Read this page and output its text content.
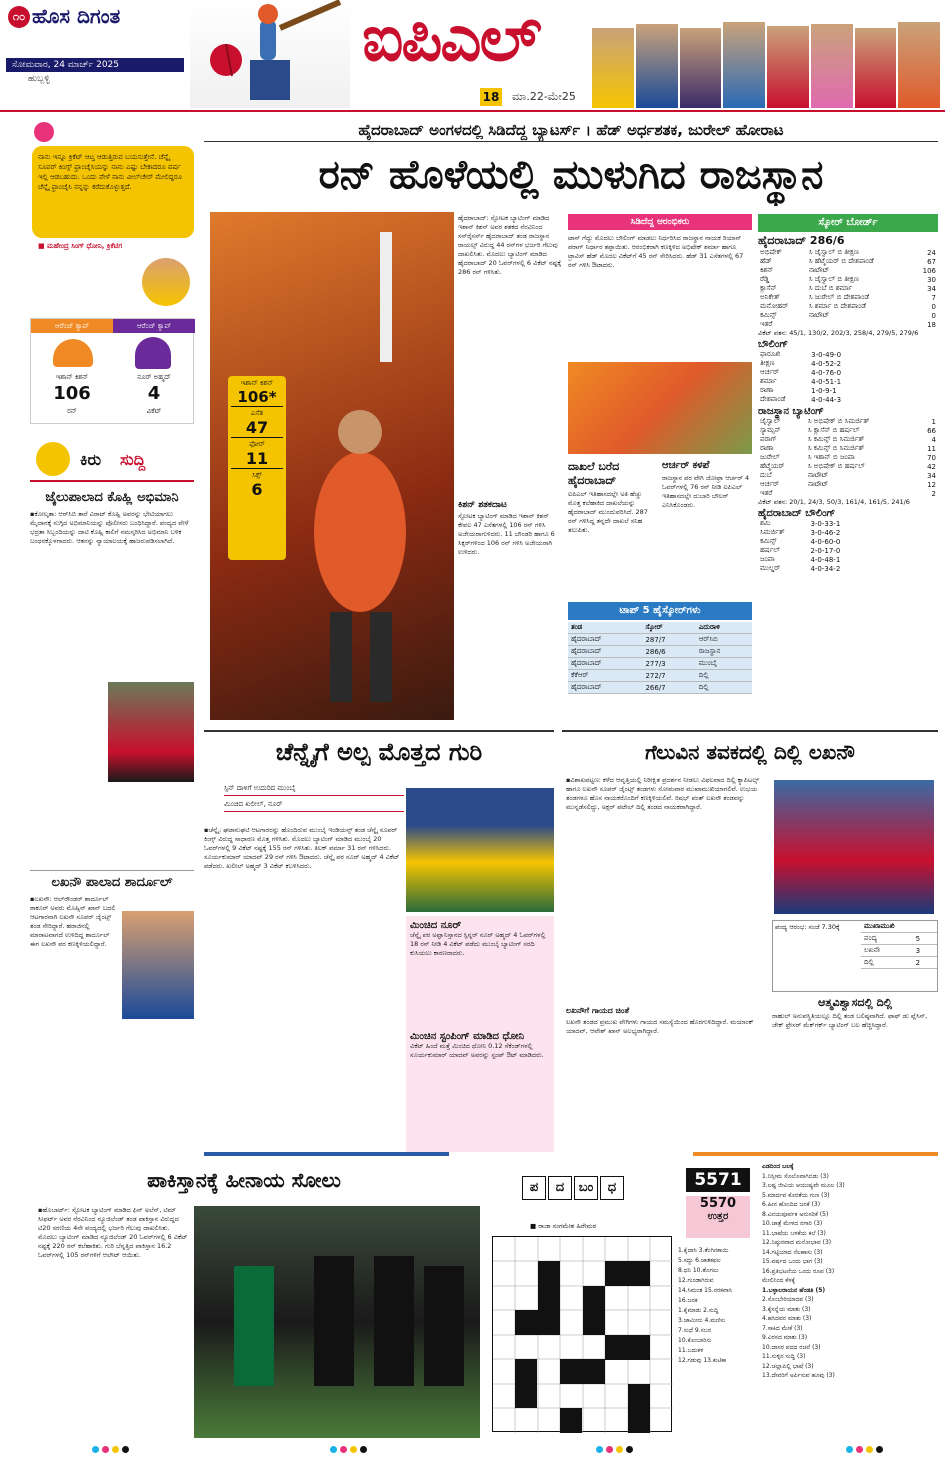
೧೦ ಹೊಸ ದಿಗಂತ
ಸೋಮವಾರ, 24 ಮಾರ್ಚ್ 2025
ಹುಬ್ಬಳ್ಳಿ
ಐಪಿಎಲ್
18 ಮಾ.22-ಮೇ25
ನಾನು ಇನ್ನೂ ಕ್ರಿಕೆಟ್ ಆಟ್ತ ಆಡುತ್ತಿರುವ ಬಯಸುತ್ತೇನೆ. ಚೆನ್ನೈ ಸೂಪರ್ ಕಿಂಗ್ಸ್ ಫ್ರಾಂಚೈಸಿಯನ್ನು ನಾನು ಎಷ್ಟು ಬೇಕಾದರೂ ವರ್ಷ ಇಲ್ಲಿ ಆಡಬಹುದು. ಒಂದು ವೇಳೆ ನಾನು ವೀಲ್‌ಚೇರ್ ಮೇಲಿದ್ದರೂ ಚೆನ್ನೈ ಫ್ರಾಂಚೈಸಿ ನನ್ನನ್ನು ಕರೆದುಕೊಳ್ಳುತ್ತದೆ.
■ ಮಹೇಂದ್ರ ಸಿಂಗ್ ಧೋನಿ, ಕ್ರಿಕೆಟಿಗ
ಆರೆಂಜ್ ಕ್ಯಾಪ್	ಆರೆಂಜ್ ಕ್ಯಾಪ್
ಇಶಾನ್ ಕಿಶನ್	ನೂರ್ ಅಹ್ಮದ್
106	4
ರನ್	ವಿಕೆಟ್
ಕಿರು ಸುದ್ದಿ
ಜೈಲುಪಾಲಾದ ಕೊಹ್ಲಿ ಅಭಿಮಾನಿ
▪ಕೋಲ್ಕತಾ: ಆರ್‌ಸಿಬಿ ತಾರೆ ವಿರಾಟ್ ಕೊಹ್ಲಿ ಅವರನ್ನು ಭೇಟಿಯಾಗಲು ಮೈದಾನಕ್ಕೆ ನುಗ್ಗಿದ ಅಭಿಮಾನಿಯನ್ನು ಪೊಲೀಸರು ಬಂಧಿಸಿದ್ದಾರೆ. ಪಂದ್ಯದ ವೇಳೆ ಭದ್ರತಾ ಸಿಬ್ಬಂದಿಯನ್ನು ದಾಟಿ ಕೊಹ್ಲಿ ಕಾಲಿಗೆ ನಮಸ್ಕರಿಸಿದ ಅಭಿಮಾನಿ ಬಳಿಕ ಬಂಧನಕ್ಕೊಳಗಾದರು. ಆತನನ್ನು ನ್ಯಾಯಾಲಯಕ್ಕೆ ಹಾಜರುಪಡಿಸಲಾಗಿದೆ.
ಲಖನೌ ಪಾಲಾದ ಶಾರ್ದೂಲ್
▪ಲಖನೌ: ಆಲ್‌ರೌಂಡರ್ ಶಾರ್ದೂಲ್ ಠಾಕೂರ್ ಅವರು ಮೊಹ್ಸಿನ್ ಖಾನ್ ಬದಲಿ ಆಟಗಾರನಾಗಿ ಲಖನೌ ಸೂಪರ್ ಜೈಂಟ್ಸ್ ತಂಡ ಸೇರಿದ್ದಾರೆ. ಹರಾಜಿನಲ್ಲಿ ಮಾರಾಟವಾಗದೆ ಉಳಿದಿದ್ದ ಶಾರ್ದೂಲ್ ಈಗ ಲಖನೌ ಪರ ಕಣಕ್ಕಿಳಿಯಲಿದ್ದಾರೆ.
ಹೈದರಾಬಾದ್ ಅಂಗಳದಲ್ಲಿ ಸಿಡಿದೆದ್ದ ಬ್ಯಾಟರ್ಸ್ । ಹೆಡ್ ಅರ್ಧಶತಕ, ಜುರೇಲ್ ಹೋರಾಟ
ರನ್ ಹೊಳೆಯಲ್ಲಿ ಮುಳುಗಿದ ರಾಜಸ್ಥಾನ
ಇಶಾನ್ ಕಿಶನ್
106*
ಎಸೆತ
47
ಫೋರ್
11
ಸಿಕ್ಸ್
6
ಹೈದರಾಬಾದ್: ಸ್ಫೋಟಕ ಬ್ಯಾಟಿಂಗ್ ಮಾಡಿದ ಇಶಾನ್ ಕಿಶನ್ ಅವರ ಶತಕದ ನೆರವಿನಿಂದ ಸನ್‌ರೈಸರ್ಸ್ ಹೈದರಾಬಾದ್ ತಂಡ ರಾಜಸ್ಥಾನ ರಾಯಲ್ಸ್ ವಿರುದ್ಧ 44 ರನ್‌ಗಳ ಭರ್ಜರಿ ಗೆಲುವು ದಾಖಲಿಸಿತು. ಮೊದಲು ಬ್ಯಾಟಿಂಗ್ ಮಾಡಿದ ಹೈದರಾಬಾದ್ 20 ಓವರ್‌ಗಳಲ್ಲಿ 6 ವಿಕೆಟ್ ನಷ್ಟಕ್ಕೆ 286 ರನ್ ಗಳಿಸಿತು.
ಕಿಶನ್ ಶತಕದಾಟ
ಸ್ಫೋಟಕ ಬ್ಯಾಟಿಂಗ್ ಮಾಡಿದ ಇಶಾನ್ ಕಿಶನ್ ಕೇವಲ 47 ಎಸೆತಗಳಲ್ಲಿ 106 ರನ್ ಗಳಿಸಿ ಅಜೇಯರಾಗುಳಿದರು. 11 ಬೌಂಡರಿ ಹಾಗೂ 6 ಸಿಕ್ಸರ್‌ಗಳಿಂದ 106 ರನ್ ಗಳಿಸಿ ಅಜೇಯರಾಗಿ ಉಳಿದರು.
ಸಿಡಿದೆದ್ದ ಆರಂಭಿಕರು
ಟಾಸ್ ಗೆದ್ದು ಮೊದಲು ಬೌಲಿಂಗ್ ಮಾಡಲು ನಿರ್ಧರಿಸಿದ ರಾಜಸ್ಥಾನ ನಾಯಕ ರಿಯಾನ್ ಪರಾಗ್ ನಿರ್ಧಾರ ತಪ್ಪಾಯಿತು. ಆರಂಭಿಕರಾಗಿ ಕಣಕ್ಕಿಳಿದ ಅಭಿಷೇಕ್ ಶರ್ಮಾ ಹಾಗೂ ಟ್ರಾವಿಸ್ ಹೆಡ್ ಮೊದಲ ವಿಕೆಟ್‌ಗೆ 45 ರನ್ ಸೇರಿಸಿದರು. ಹೆಡ್ 31 ಎಸೆತಗಳಲ್ಲಿ 67 ರನ್ ಗಳಿಸಿ ಔಟಾದರು.
ದಾಖಲೆ ಬರೆದ ಹೈದರಾಬಾದ್
ಐಪಿಎಲ್ ಇತಿಹಾಸದಲ್ಲೇ ಅತಿ ಹೆಚ್ಚು ಮೊತ್ತ ಕಲೆಹಾಕಿದ ದಾಖಲೆಯನ್ನು ಹೈದರಾಬಾದ್ ಮುಂದುವರಿಸಿದೆ. 287 ರನ್ ಗಳಿಸಿದ್ದ ತನ್ನದೇ ದಾಖಲೆ ಸನಿಹ ತಲುಪಿತು.
ಆರ್ಚರ್ ಕಳಪೆ
ರಾಜಸ್ಥಾನ ಪರ ವೇಗಿ ಜೋಫ್ರಾ ಆರ್ಚರ್ 4 ಓವರ್‌ಗಳಲ್ಲಿ 76 ರನ್ ನೀಡಿ ಐಪಿಎಲ್ ಇತಿಹಾಸದಲ್ಲೇ ದುಬಾರಿ ಬೌಲರ್ ಎನಿಸಿಕೊಂಡರು.
ಟಾಪ್ 5 ಹೈಸ್ಕೋರ್‌ಗಳು
ತಂಡ	ಸ್ಕೋರ್	ಎದುರಾಳಿ
ಹೈದರಾಬಾದ್	287/7	ಆರ್‌ಸಿಬಿ
ಹೈದರಾಬಾದ್	286/6	ರಾಜಸ್ಥಾನ
ಹೈದರಾಬಾದ್	277/3	ಮುಂಬೈ
ಕೆಕೆಆರ್	272/7	ದಿಲ್ಲಿ
ಹೈದರಾಬಾದ್	266/7	ದಿಲ್ಲಿ
ಸ್ಕೋರ್ ಬೋರ್ಡ್
ಹೈದರಾಬಾದ್ 286/6
ಅಭಿಷೇಕ್	ಸಿ ಜೈಸ್ವಾಲ್ ಬಿ ತೀಕ್ಷಣ	24
ಹೆಡ್	ಸಿ ಹೆಟ್ಮೆಯರ್ ಬಿ ದೇಶಪಾಂಡೆ	67
ಕಿಶನ್	ನಾಟೌಟ್	106
ರೆಡ್ಡಿ	ಸಿ ಜೈಸ್ವಾಲ್ ಬಿ ತೀಕ್ಷಣ	30
ಕ್ಲಾಸೆನ್	ಸಿ ದುಬೆ ಬಿ ಶರ್ಮಾ	34
ಅನಿಕೇತ್	ಸಿ ಜುರೇಲ್ ಬಿ ದೇಶಪಾಂಡೆ	7
ಮನೋಹರ್	ಸಿ ಶರ್ಮಾ ಬಿ ದೇಶಪಾಂಡೆ	0
ಕಮಿನ್ಸ್	ನಾಟೌಟ್	0
ಇತರೆ	18
ವಿಕೆಟ್ ಪತನ: 45/1, 130/2, 202/3, 258/4, 279/5, 279/6
ಬೌಲಿಂಗ್
ಫಾರೂಖಿ	3-0-49-0
ತೀಕ್ಷಣ	4-0-52-2
ಆರ್ಚರ್	4-0-76-0
ಶರ್ಮಾ	4-0-51-1
ರಾಣಾ	1-0-9-1
ದೇಶಪಾಂಡೆ	4-0-44-3
ರಾಜಸ್ಥಾನ ಬ್ಯಾಟಿಂಗ್
ಜೈಸ್ವಾಲ್	ಸಿ ಅಭಿಷೇಕ್ ಬಿ ಸಿಮರ್ಜಿತ್	1
ಸ್ಯಾಮ್ಸನ್	ಸಿ ಕ್ಲಾಸೆನ್ ಬಿ ಹರ್ಷಲ್	66
ಪರಾಗ್	ಸಿ ಕಮಿನ್ಸ್ ಬಿ ಸಿಮರ್ಜಿತ್	4
ರಾಣಾ	ಸಿ ಕಮಿನ್ಸ್ ಬಿ ಸಿಮರ್ಜಿತ್	11
ಜುರೇಲ್	ಸಿ ಇಶಾನ್ ಬಿ ಜಂಪಾ	70
ಹೆಟ್ಮೆಯರ್	ಸಿ ಅಭಿಷೇಕ್ ಬಿ ಹರ್ಷಲ್	42
ದುಬೆ	ನಾಟೌಟ್	34
ಆರ್ಚರ್	ನಾಟೌಟ್	12
ಇತರೆ	2
ವಿಕೆಟ್ ಪತನ: 20/1, 24/3, 50/3, 161/4, 161/5, 241/6
ಹೈದರಾಬಾದ್ ಬೌಲಿಂಗ್
ಶಮಿ	3-0-33-1
ಸಿಮರ್ಜಿತ್	3-0-46-2
ಕಮಿನ್ಸ್	4-0-60-0
ಹರ್ಷಲ್	2-0-17-0
ಜಂಪಾ	4-0-48-1
ಮುಲ್ಡರ್	4-0-34-2
ಚೆನ್ನೈಗೆ ಅಲ್ಪ ಮೊತ್ತದ ಗುರಿ
ಸ್ಪಿನ್ ದಾಳಿಗೆ ಉದುರಿದ ಮುಂಬೈ
ಮಿಂಚಿದ ಖಲೀಲ್, ನೂರ್
▪ಚೆನ್ನೈ: ಘಟಾನುಘಟಿ ಆಟಗಾರರನ್ನು ಹೊಂದಿರುವ ಮುಂಬೈ ಇಂಡಿಯನ್ಸ್ ತಂಡ ಚೆನ್ನೈ ಸೂಪರ್ ಕಿಂಗ್ಸ್ ವಿರುದ್ಧ ಸಾಧಾರಣ ಮೊತ್ತ ಗಳಿಸಿತು. ಮೊದಲು ಬ್ಯಾಟಿಂಗ್ ಮಾಡಿದ ಮುಂಬೈ 20 ಓವರ್‌ಗಳಲ್ಲಿ 9 ವಿಕೆಟ್ ನಷ್ಟಕ್ಕೆ 155 ರನ್ ಗಳಿಸಿತು. ತಿಲಕ್ ವರ್ಮಾ 31 ರನ್ ಗಳಿಸಿದರು. ಸೂರ್ಯಕುಮಾರ್ ಯಾದವ್ 29 ರನ್ ಗಳಿಸಿ ಔಟಾದರು. ಚೆನ್ನೈ ಪರ ನೂರ್ ಅಹ್ಮದ್ 4 ವಿಕೆಟ್ ಪಡೆದರು. ಖಲೀಲ್ ಅಹ್ಮದ್ 3 ವಿಕೆಟ್ ಕಬಳಿಸಿದರು.
ಮಿಂಚಿದ ನೂರ್
ಚೆನ್ನೈ ಪರ ಅಫ್ಘಾನಿಸ್ತಾನದ ಸ್ಪಿನ್ನರ್ ನೂರ್ ಅಹ್ಮದ್ 4 ಓವರ್‌ಗಳಲ್ಲಿ 18 ರನ್ ನೀಡಿ 4 ವಿಕೆಟ್ ಪಡೆದು ಮುಂಬೈ ಬ್ಯಾಟಿಂಗ್ ಸರದಿ ಕುಸಿಯಲು ಕಾರಣರಾದರು.
ಮಿಂಚಿನ ಸ್ಟಂಪಿಂಗ್ ಮಾಡಿದ ಧೋನಿ
ವಿಕೆಟ್ ಹಿಂದೆ ಮತ್ತೆ ಮಿಂಚಿದ ಧೋನಿ 0.12 ಸೆಕೆಂಡ್‌ಗಳಲ್ಲಿ ಸೂರ್ಯಕುಮಾರ್ ಯಾದವ್ ಅವರನ್ನು ಸ್ಟಂಪ್ ಔಟ್ ಮಾಡಿದರು.
ಗೆಲುವಿನ ತವಕದಲ್ಲಿ ದಿಲ್ಲಿ ಲಖನೌ
▪ವಿಶಾಖಪಟ್ಟಣ: ಕಳೆದ ಆವೃತ್ತಿಯಲ್ಲಿ ನಿರೀಕ್ಷಿತ ಪ್ರದರ್ಶನ ನೀಡಲು ವಿಫಲವಾದ ದಿಲ್ಲಿ ಕ್ಯಾಪಿಟಲ್ಸ್ ಹಾಗೂ ಲಖನೌ ಸೂಪರ್ ಜೈಂಟ್ಸ್ ತಂಡಗಳು ಸೋಮವಾರ ಮುಖಾಮುಖಿಯಾಗಲಿವೆ. ಉಭಯ ತಂಡಗಳೂ ಹೊಸ ನಾಯಕರೊಂದಿಗೆ ಕಣಕ್ಕಿಳಿಯಲಿವೆ. ರಿಷಭ್ ಪಂತ್ ಲಖನೌ ತಂಡವನ್ನು ಮುನ್ನಡೆಸಲಿದ್ದು, ಅಕ್ಷರ್ ಪಟೇಲ್ ದಿಲ್ಲಿ ತಂಡದ ನಾಯಕರಾಗಿದ್ದಾರೆ.
ಪಂದ್ಯ ಆರಂಭ: ಸಂಜೆ 7.30ಕ್ಕೆ	ಮುಖಾಮುಖಿ	
ಪಂದ್ಯ	5
ಲಖನೌ	3
ದಿಲ್ಲಿ	2
ಆತ್ಮವಿಶ್ವಾಸದಲ್ಲಿ ದಿಲ್ಲಿ
ರಾಹುಲ್ ಅನುಪಸ್ಥಿತಿಯಲ್ಲೂ ದಿಲ್ಲಿ ತಂಡ ಬಲಿಷ್ಠವಾಗಿದೆ. ಫಾಫ್ ಡು ಪ್ಲೆಸಿಸ್, ಜೇಕ್ ಫ್ರೇಸರ್ ಮೆಕ್‌ಗರ್ಕ್ ಬ್ಯಾಟಿಂಗ್ ಬಲ ಹೆಚ್ಚಿಸಿದ್ದಾರೆ.
ಲಖನೌಗೆ ಗಾಯದ ಚಿಂತೆ
ಲಖನೌ ತಂಡದ ಪ್ರಮುಖ ವೇಗಿಗಳು ಗಾಯದ ಸಮಸ್ಯೆಯಿಂದ ಹೊರಗುಳಿದಿದ್ದಾರೆ. ಮಯಾಂಕ್ ಯಾದವ್, ಆವೇಶ್ ಖಾನ್ ಅಲಭ್ಯರಾಗಿದ್ದಾರೆ.
ಪಾಕಿಸ್ತಾನಕ್ಕೆ ಹೀನಾಯ ಸೋಲು
▪ಹೊಬಾರ್ಟ್: ಸ್ಫೋಟಕ ಬ್ಯಾಟಿಂಗ್ ಮಾಡಿದ ಫಿನ್ ಅಲೆನ್, ಟಿಮ್ ಸೀಫರ್ಟ್ ಅವರ ನೆರವಿನಿಂದ ನ್ಯೂಜಿಲೆಂಡ್ ತಂಡ ಪಾಕಿಸ್ತಾನ ವಿರುದ್ಧದ ಟಿ20 ಸರಣಿಯ 4ನೇ ಪಂದ್ಯದಲ್ಲಿ ಭರ್ಜರಿ ಗೆಲುವು ದಾಖಲಿಸಿತು. ಮೊದಲು ಬ್ಯಾಟಿಂಗ್ ಮಾಡಿದ ನ್ಯೂಜಿಲೆಂಡ್ 20 ಓವರ್‌ಗಳಲ್ಲಿ 6 ವಿಕೆಟ್ ನಷ್ಟಕ್ಕೆ 220 ರನ್ ಕಲೆಹಾಕಿತು. ಗುರಿ ಬೆನ್ನತ್ತಿದ ಪಾಕಿಸ್ತಾನ 16.2 ಓವರ್‌ಗಳಲ್ಲಿ 105 ರನ್‌ಗಳಿಗೆ ಆಲೌಟ್ ಆಯಿತು.
ಪ	ದ	ಬಂ	ಧ	5571
5570
ಉತ್ತರ
■ ರಾಜಾ ಸಂಗಮೇಶ ಹಿರೇಮಠ
1.ಕೈದಾಸಿ 3.ತೆಂಗಿನಕಾಯಿ
5.ಸದ್ದು 6.ಜಾತಕಫಲ
8.ಧನಿ 10.ತೊಗಲು
12.ಗುಂಡಾಗಿರುವ
14.ಸಿಮಂತ 15.ನರಕವಾಸಿ
16.ಜನಕ
1.ಕೈಮಾಡು 2.ಸುದ್ದಿ
3.ಜಾಮೀನು 4.ಮಣಿಸು
7.ಸುಧೆ 9.ಸಬರ
10.ಕೊಂಬಾರಿಸು
11.ಬದುಕಳಿ
12.ಗಡುವು 13.ಕುಟಿಕಾ
ಎಡದಿಂದ ಬಲಕ್ಕೆ
1.ನಿಸ್ಸೀಮ ಸೊಲೊವಾಗಿಬಿಡು (3)
3.ಲಷ್ಟ ಜೀವಿಯ ಆಯುಷ್ಯವೇ ಮೂಲ (3)
5.ಮಾರ್ದವ ಕೊರತೆಯ ಗುಣ (3)
6.ಹೀನ ಹೊಂದಿದ ಜನಕೆ (3)
8.ವಿನಯಪೂರ್ವಕ ಅನುಸರಿಕೆ (5)
10.ಜಾತ್ರೆ ಮೇಳದ ನಗಾರಿ (3)
11.ಭಾಷೆಯ ಬಳಕೆಯ ಕಲೆ (3)
12.ನಿಷ್ಠುರವಾದ ಮನೋಭಾವ (3)
14.ಗಟ್ಟಿಯಾದ ನೆಲಹಾಸು (3)
15.ವರ್ಷದ ಒಂದು ಭಾಗ (3)
16.ಪ್ರತಿಭಟನೆಯ ಒಂದು ರೂಪ (3)
ಮೇಲಿನಿಂದ ಕೆಳಕ್ಕೆ
1.ಬಳ್ಳಾಲರಾಯನ ಹೆಂಡತಿ (5)
2.ಸೊಂಬೇರಿಯಾದವ (3)
3.ಕೈಸನ್ನೆಯ ಮಾತು (3)
4.ಹಸಿದವನ ಮಾತು (3)
7.ಸಾಕಿದ ಮೇಕೆ (3)
9.ವಿರಸದ ಮಾತು (3)
10.ದಾಸರ ಪದದ ರಚನೆ (3)
11.ಸುಳ್ಳಿನ ಸುದ್ದಿ (3)
12.ಚಲ್ಲಾಪಿಲ್ಲಿ ಭಾಷೆ (3)
13.ದೇವರಿಗೆ ಅರ್ಪಿಸುವ ಹೂವು (3)
